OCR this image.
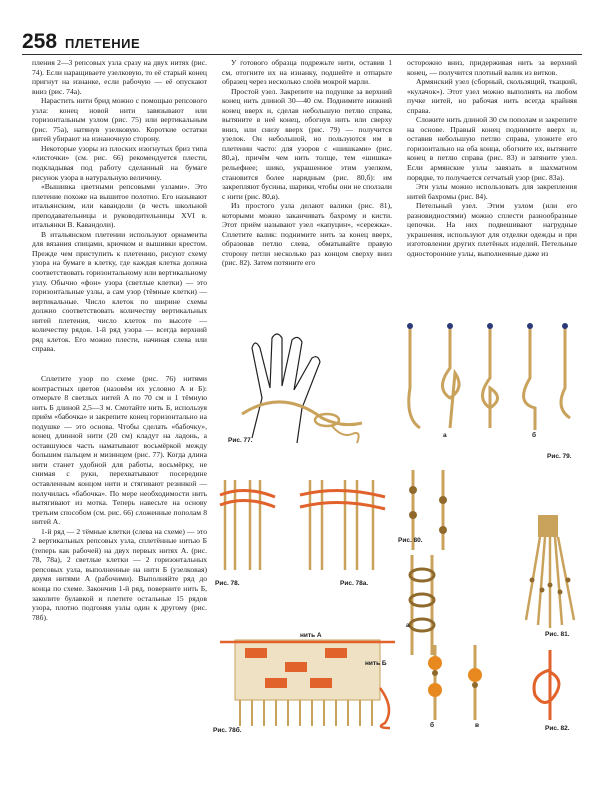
258 ПЛЕТЕНИЕ

пления 2—3 репсовых узла сразу на двух нитях (рис. 74). Если наращиваете узелковую, то её старый конец пригнут на изнанке, если рабочую — её опускают вниз (рис. 74а).

Нарастить нити брид можно с помощью репсового узла: конец новой нити завязывают или горизонтальным узлом (рис. 75) или вертикальным (рис. 75а), натянув узелковую. Короткие остатки нитей убирают на изнаночную сторону.

Некоторые узоры из плоских изогнутых бриз типа «листочки» (см. рис. 66) рекомендуется плести, подкладывая под работу сделанный на бумаге рисунок узора в натуральную величину.

«Вышивка цветными репсовыми узлами». Это плетение похоже на вышитое полотно. Его называют итальянским, или кавандоли (в честь школьной преподавательницы и руководительницы XVI в. итальянки В. Кавандоли).

В итальянском плетении используют орнаменты для вязания спицами, крючком и вышивки крестом. Прежде чем приступить к плетению, рисуют схему узора на бумаге в клетку, где каждая клетка должна соответствовать горизонтальному или вертикальному узлу. Обычно «фон» узора (светлые клетки) — это горизонтальные узлы, а сам узор (тёмные клетки) — вертикальные. Число клеток по ширине схемы должно соответствовать количеству вертикальных нитей плетения, число клеток по высоте — количеству рядов. 1-й ряд узора — всегда верхний ряд клеток. Его можно плести, начиная слева или справа.

Сплетите узор по схеме (рис. 76) нитями контрастных цветов (назовём их условно А и Б): отмерьте 8 светлых нитей А по 70 см и 1 тёмную нить Б длиной 2,5—3 м. Смотайте нить Б, используя приём «бабочка» и закрепите конец горизонтально на подушке — это основа. Чтобы сделать «бабочку», конец длинной нити (20 см) кладут на ладонь, а оставшуюся часть наматывают восьмёркой между большим пальцем и мизинцем (рис. 77). Когда длина нити станет удобной для работы, восьмёрку, не снимая с руки, перехватывают посередине оставленным концом нити и стягивают резинкой — получилась «бабочка». По мере необходимости нить вытягивают из мотка. Теперь навесьте на основу третьим способом (см. рис. 66) сложенные пополам 8 нитей А.

1-й ряд — 2 тёмные клетки (слева на схеме) — это 2 вертикальных репсовых узла, сплетённые нитью Б (теперь как рабочей) на двух первых нитях А. (рис. 78, 78а), 2 светлые клетки — 2 горизонтальных репсовых узла, выполненные на нити Б (узелковая) двумя нитями А (рабочими). Выполняйте ряд до конца по схеме. Закончив 1-й ряд, поверните нить Б, заколите булавкой и плетите остальные 15 рядов узора, плотно подгоняя узлы один к другому (рис. 78б).

У готового образца подрежьте нити, оставив 1 см, отогните их на изнанку, подшейте и отпарьте образец через несколько слоёв мокрой марли.

Простой узел. Закрепите на подушке за верхний конец нить длиной 30—40 см. Поднимите нижний конец вверх и, сделав небольшую петлю справа, вытяните в неё конец, обогнув нить или сверху вниз, или снизу вверх (рис. 79) — получится узелок. Он небольшой, но пользуются им в плетении часто: для узоров с «шишками» (рис. 80,а), причём чем нить толще, тем «шишка» рельефнее; шико, украшенное этим узелком, становится более нарядным (рис. 80,б): им закрепляют бусины, шарики, чтобы они не сползали с нити (рис. 80,в).

Из простого узла делают валики (рис. 81), которыми можно заканчивать бахрому и кисти. Этот приём называют узел «капуцин», «сережка». Сплетите валик: поднимите нить за конец вверх, образовав петлю слева, обматывайте правую сторону петли несколько раз концом сверху вниз (рис. 82). Затем потяните его

осторожно вниз, придерживая нить за верхний конец, — получится плотный валик из витков.

Армянский узел (сборный, скользящий, ткацкий, «кулачок»). Этот узел можно выполнять на любом пучке нитей, но рабочая нить всегда крайняя справа.

Сложите нить длиной 30 см пополам и закрепите на основе. Правый конец поднимите вверх и, оставив небольшую петлю справа, уложите его горизонтально на оба конца, обогните их, вытяните конец в петлю справа (рис. 83) и затяните узел. Если армянские узлы завязать в шахматном порядке, то получается сетчатый узор (рис. 83а).

Эти узлы можно использовать для закрепления нитей бахромы (рис. 84).

Петельный узел. Этим узлом (или его разновидностями) можно сплести разнообразные цепочки. На них подвешивают нагрудные украшения, используют для отделки одежды и при изготовлении других плетёных изделий. Петельные односторонние узлы, выполненные даже из

Рис. 77.
а	б
Рис. 79.
Рис. 78.	Рис. 78а.
Рис. 80.
а
Рис. 81.
нить А
нить Б
Рис. 78б.
б	в	Рис. 82.
